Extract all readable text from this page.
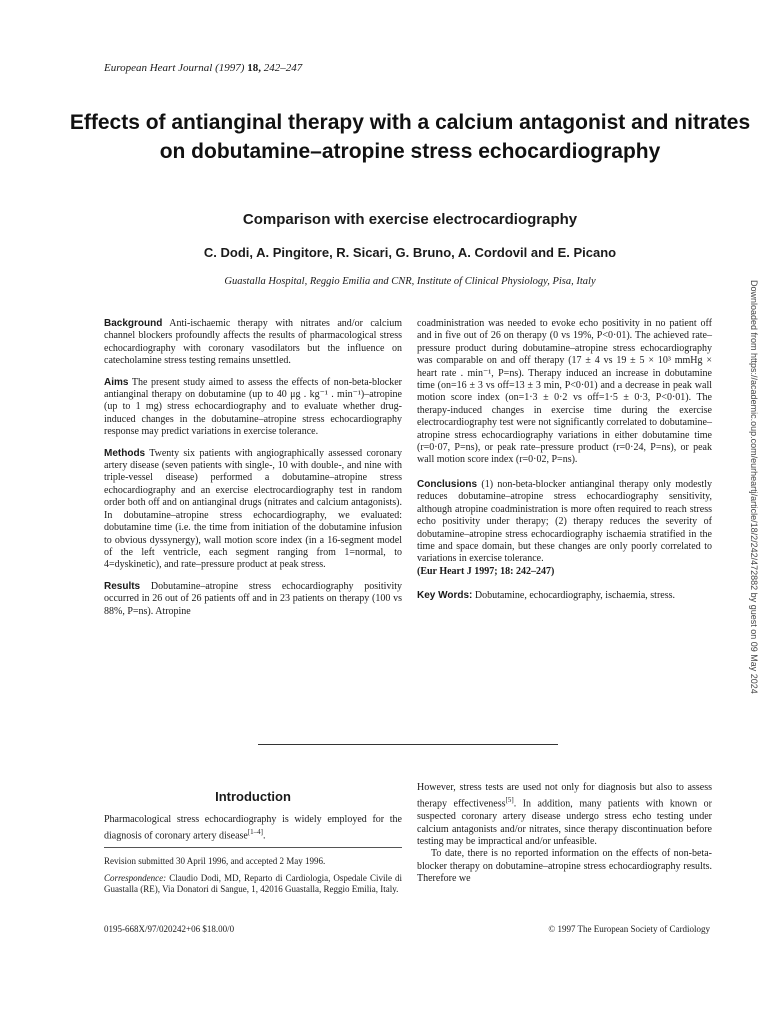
European Heart Journal (1997) 18, 242–247
Effects of antianginal therapy with a calcium antagonist and nitrates on dobutamine–atropine stress echocardiography
Comparison with exercise electrocardiography
C. Dodi, A. Pingitore, R. Sicari, G. Bruno, A. Cordovil and E. Picano
Guastalla Hospital, Reggio Emilia and CNR, Institute of Clinical Physiology, Pisa, Italy

Background Anti-ischaemic therapy with nitrates and/or calcium channel blockers profoundly affects the results of pharmacological stress echocardiography with coronary vasodilators but the influence on catecholamine stress testing remains unsettled.

Aims The present study aimed to assess the effects of non-beta-blocker antianginal therapy on dobutamine (up to 40 μg . kg⁻¹ . min⁻¹)–atropine (up to 1 mg) stress echocardiography and to evaluate whether drug-induced changes in the dobutamine–atropine stress echocardiography response may predict variations in exercise tolerance.

Methods Twenty six patients with angiographically assessed coronary artery disease (seven patients with single-, 10 with double-, and nine with triple-vessel disease) performed a dobutamine–atropine stress echocardiography and an exercise electrocardiography test in random order both off and on antianginal drugs (nitrates and calcium antagonists). In dobutamine–atropine stress echocardiography, we evaluated: dobutamine time (i.e. the time from initiation of the dobutamine infusion to obvious dyssynergy), wall motion score index (in a 16-segment model of the left ventricle, each segment ranging from 1=normal, to 4=dyskinetic), and rate–pressure product at peak stress.

Results Dobutamine–atropine stress echocardiography positivity occurred in 26 out of 26 patients off and in 23 patients on therapy (100 vs 88%, P=ns). Atropine

coadministration was needed to evoke echo positivity in no patient off and in five out of 26 on therapy (0 vs 19%, P<0·01). The achieved rate–pressure product during dobutamine–atropine stress echocardiography was comparable on and off therapy (17 ± 4 vs 19 ± 5 × 10³ mmHg × heart rate . min⁻¹, P=ns). Therapy induced an increase in dobutamine time (on=16 ± 3 vs off=13 ± 3 min, P<0·01) and a decrease in peak wall motion score index (on=1·3 ± 0·2 vs off=1·5 ± 0·3, P<0·01). The therapy-induced changes in exercise time during the exercise electrocardiography test were not significantly correlated to dobutamine–atropine stress echocardiography variations in either dobutamine time (r=0·07, P=ns), or peak rate–pressure product (r=0·24, P=ns), or peak wall motion score index (r=0·02, P=ns).

Conclusions (1) non-beta-blocker antianginal therapy only modestly reduces dobutamine–atropine stress echocardiography sensitivity, although atropine coadministration is more often required to reach stress echo positivity under therapy; (2) therapy reduces the severity of dobutamine–atropine stress echocardiography ischaemia stratified in the time and space domain, but these changes are only poorly correlated to variations in exercise tolerance.
(Eur Heart J 1997; 18: 242–247)

Key Words: Dobutamine, echocardiography, ischaemia, stress.

Introduction

Pharmacological stress echocardiography is widely employed for the diagnosis of coronary artery disease[1–4].

Revision submitted 30 April 1996, and accepted 2 May 1996.

Correspondence: Claudio Dodi, MD, Reparto di Cardiologia, Ospedale Civile di Guastalla (RE), Via Donatori di Sangue, 1, 42016 Guastalla, Reggio Emilia, Italy.

0195-668X/97/020242+06 $18.00/0	© 1997 The European Society of Cardiology

However, stress tests are used not only for diagnosis but also to assess therapy effectiveness[5]. In addition, many patients with known or suspected coronary artery disease undergo stress echo testing under calcium antagonists and/or nitrates, since therapy discontinuation before testing may be impractical and/or unfeasible.

To date, there is no reported information on the effects of non-beta-blocker therapy on dobutamine–atropine stress echocardiography results. Therefore we

Downloaded from https://academic.oup.com/eurheartj/article/18/2/242/472882 by guest on 09 May 2024
